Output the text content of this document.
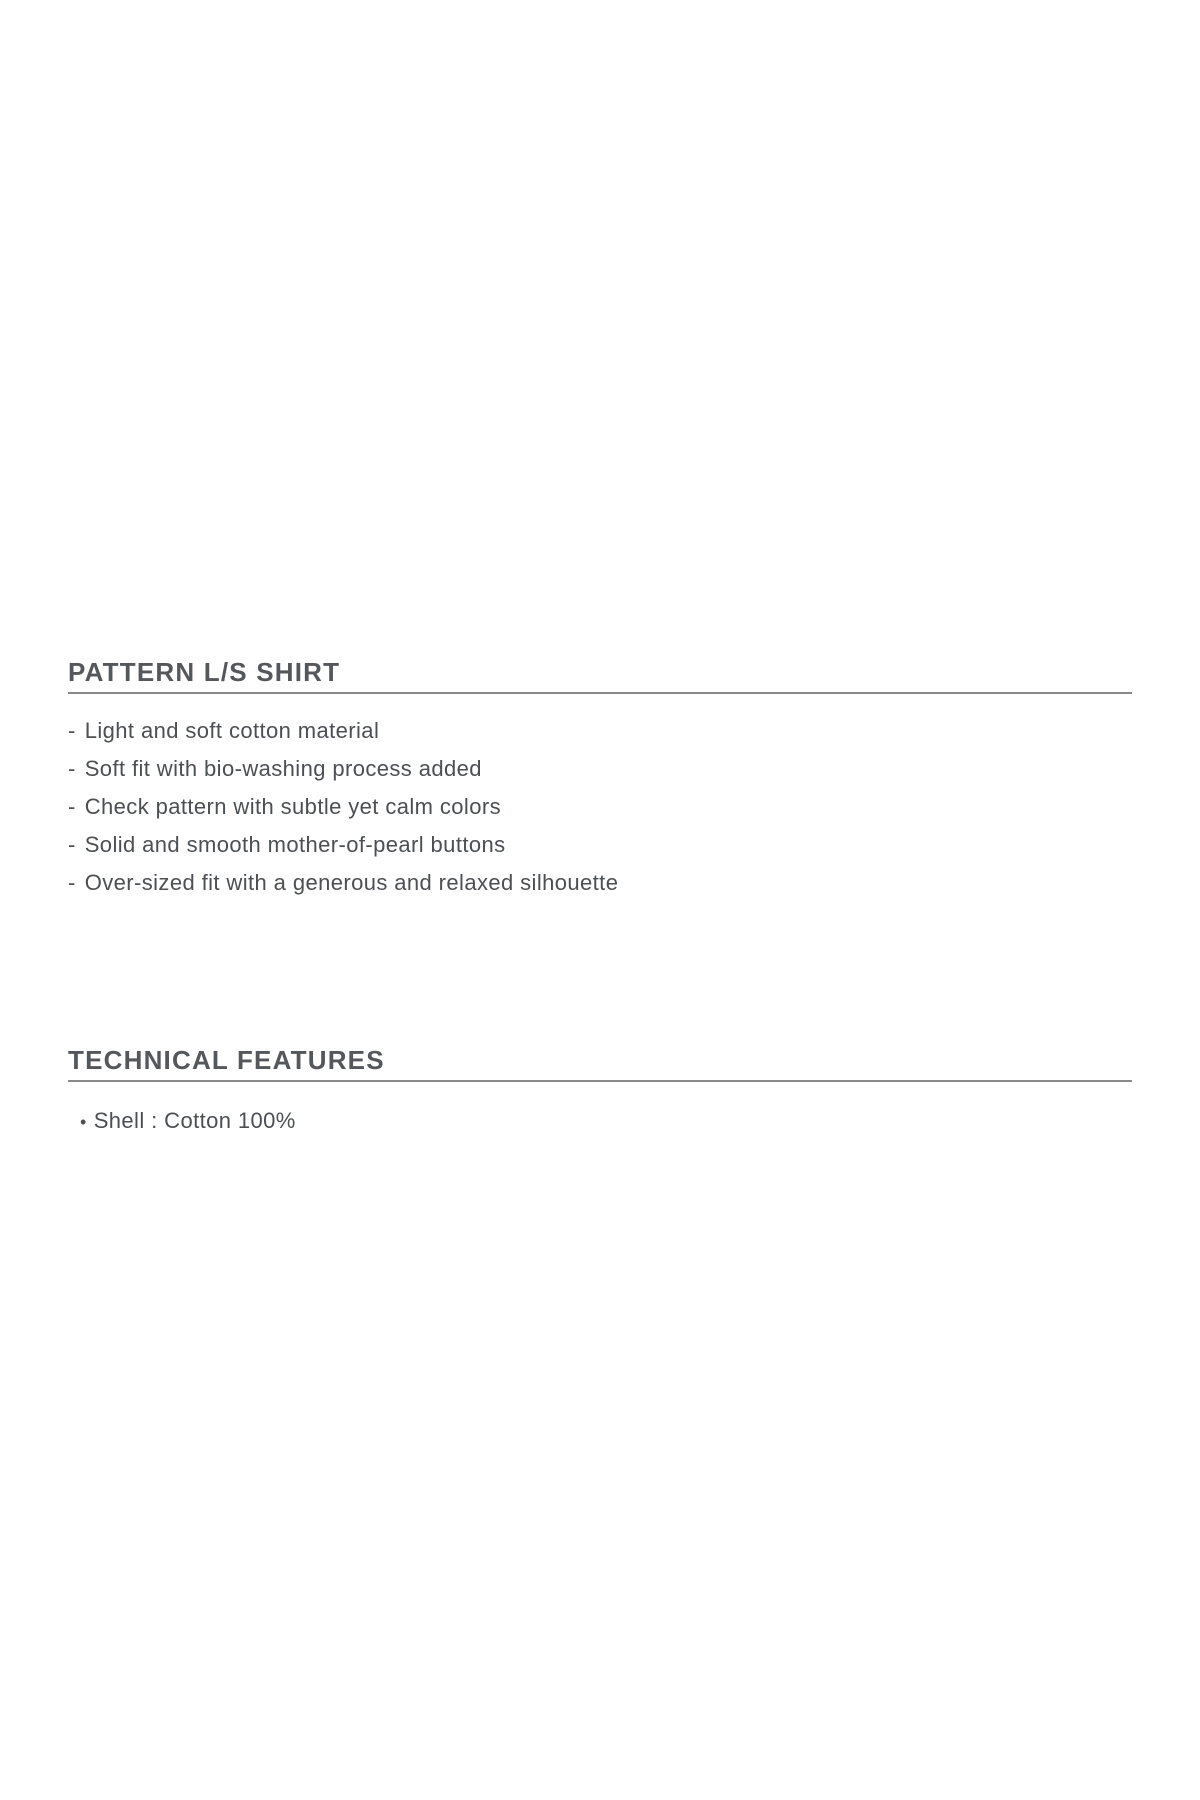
PATTERN L/S SHIRT
- Light and soft cotton material
- Soft fit with bio-washing process added
- Check pattern with subtle yet calm colors
- Solid and smooth mother-of-pearl buttons
- Over-sized fit with a generous and relaxed silhouette
TECHNICAL FEATURES
• Shell : Cotton 100%
